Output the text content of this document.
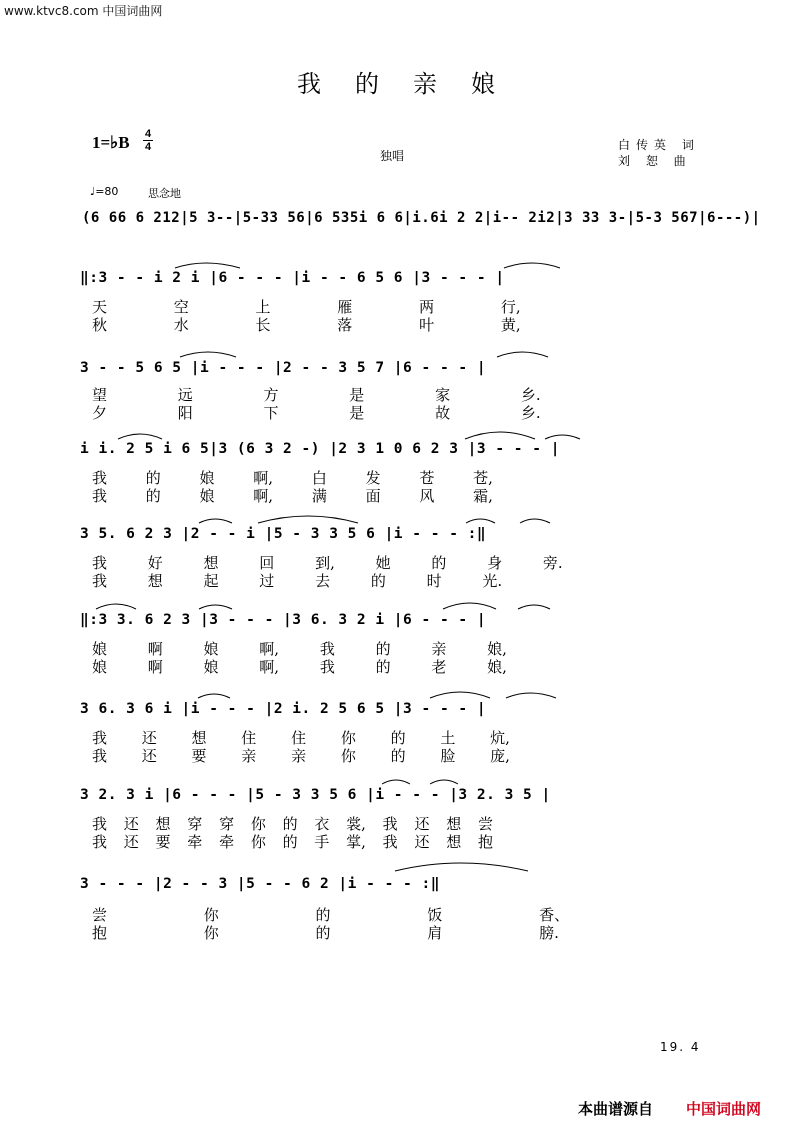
www.ktvc8.com 中国词曲网
我的亲娘
1=♭B 4
4
独唱
白传英 词
刘 恕 曲
♩=80	思念地
(6 66 6 212|5 3--|5-33 56|6 535i 6 6|i.6i 2 2|i-- 2i2|3 33 3-|5-3 567|6---)|
‖:3 - - i 2 i |6 - - - |i - - 6 5 6 |3 - - - |
天 空 上 雁 两 行,
秋 水 长 落 叶 黄,
3 - - 5 6 5 |i - - - |2 - - 3 5 7 |6 - - - |
望 远 方 是 家 乡.
夕 阳 下 是 故 乡.
i i. 2 5 i 6 5|3 (6 3 2 -) |2 3 1 0 6 2 3 |3 - - - |
我 的 娘 啊, 白 发 苍 苍,
我 的 娘 啊, 满 面 风 霜,
3 5. 6 2 3 |2 - - i |5 - 3 3 5 6 |i - - - :‖
我 好 想 回 到, 她 的 身 旁.
我 想 起 过 去 的 时 光.
‖:3 3. 6 2 3 |3 - - - |3 6. 3 2 i |6 - - - |
娘 啊 娘 啊, 我 的 亲 娘,
娘 啊 娘 啊, 我 的 老 娘,
3 6. 3 6 i |i - - - |2 i. 2 5 6 5 |3 - - - |
我 还 想 住 住 你 的 土 炕,
我 还 要 亲 亲 你 的 脸 庞,
3 2. 3 i |6 - - - |5 - 3 3 5 6 |i - - - |3 2. 3 5 |
我 还 想 穿 穿 你 的 衣 裳, 我 还 想 尝
我 还 要 牵 牵 你 的 手 掌, 我 还 想 抱
3 - - - |2 - - 3 |5 - - 6 2 |i - - - :‖
尝 你 的 饭 香、
抱 你 的 肩 膀.
19. 4
本曲谱源自 中国词曲网
